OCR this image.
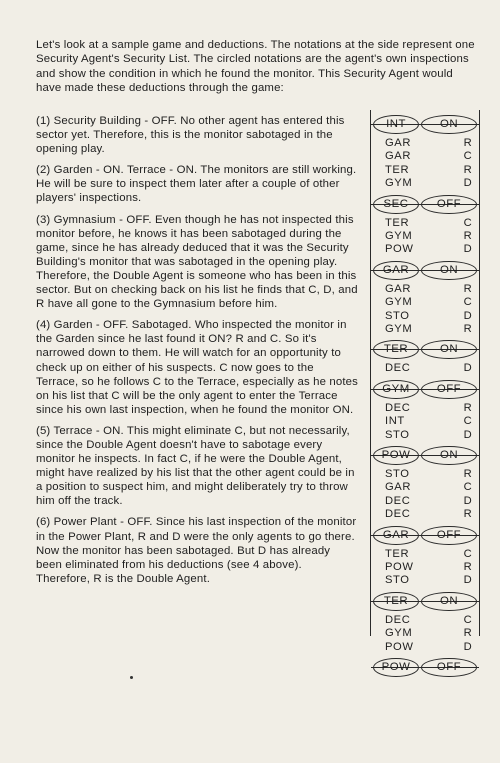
Let's look at a sample game and deductions. The notations at the side represent one Security Agent's Security List. The circled notations are the agent's own inspections and show the condition in which he found the monitor. This Security Agent would have made these deductions through the game:

(1) Security Building - OFF. No other agent has entered this sector yet. Therefore, this is the monitor sabotaged in the opening play.

(2) Garden - ON. Terrace - ON. The monitors are still working. He will be sure to inspect them later after a couple of other players' inspections.

(3) Gymnasium - OFF. Even though he has not inspected this monitor before, he knows it has been sabotaged during the game, since he has already deduced that it was the Security Building's monitor that was sabotaged in the opening play. Therefore, the Double Agent is someone who has been in this sector. But on checking back on his list he finds that C, D, and R have all gone to the Gymnasium before him.

(4) Garden - OFF. Sabotaged. Who inspected the monitor in the Garden since he last found it ON? R and C. So it's narrowed down to them. He will watch for an opportunity to check up on either of his suspects. C now goes to the Terrace, so he follows C to the Terrace, especially as he notes on his list that C will be the only agent to enter the Terrace since his own last inspection, when he found the monitor ON.

(5) Terrace - ON. This might eliminate C, but not necessarily, since the Double Agent doesn't have to sabotage every monitor he inspects. In fact C, if he were the Double Agent, might have realized by his list that the other agent could be in a position to suspect him, and might deliberately try to throw him off the track.

(6) Power Plant - OFF. Since his last inspection of the monitor in the Power Plant, R and D were the only agents to go there. Now the monitor has been sabotaged. But D has already been eliminated from his deductions (see 4 above). Therefore, R is the Double Agent.

INT	ON
GAR	R
GAR	C
TER	R
GYM	D
SEC	OFF
TER	C
GYM	R
POW	D
GAR	ON
GAR	R
GYM	C
STO	D
GYM	R
TER	ON
DEC	D
GYM	OFF
DEC	R
INT	C
STO	D
POW	ON
STO	R
GAR	C
DEC	D
DEC	R
GAR	OFF
TER	C
POW	R
STO	D
TER	ON
DEC	C
GYM	R
POW	D
POW	OFF
